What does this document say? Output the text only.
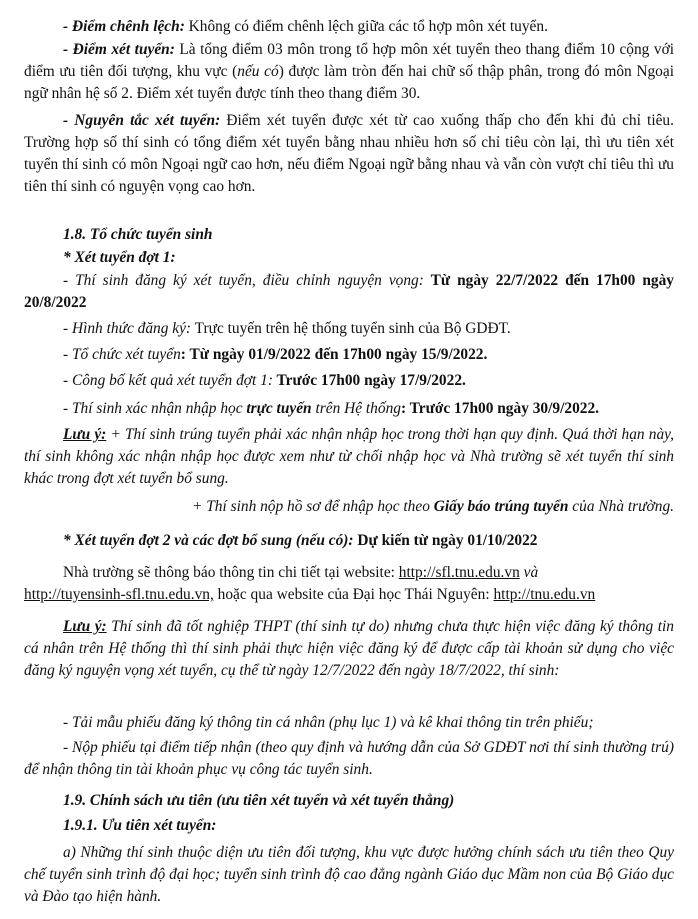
- Điểm chênh lệch: Không có điểm chênh lệch giữa các tổ hợp môn xét tuyển.

- Điểm xét tuyển: Là tổng điểm 03 môn trong tổ hợp môn xét tuyển theo thang điểm 10 cộng với điểm ưu tiên đối tượng, khu vực (nếu có) được làm tròn đến hai chữ số thập phân, trong đó môn Ngoại ngữ nhân hệ số 2. Điểm xét tuyển được tính theo thang điểm 30.

- Nguyên tắc xét tuyển: Điểm xét tuyển được xét từ cao xuống thấp cho đến khi đủ chỉ tiêu. Trường hợp số thí sinh có tổng điểm xét tuyển bằng nhau nhiều hơn số chỉ tiêu còn lại, thì ưu tiên xét tuyển thí sinh có môn Ngoại ngữ cao hơn, nếu điểm Ngoại ngữ bằng nhau và vẫn còn vượt chỉ tiêu thì ưu tiên thí sinh có nguyện vọng cao hơn.

1.8. Tổ chức tuyển sinh

* Xét tuyển đợt 1:

- Thí sinh đăng ký xét tuyển, điều chỉnh nguyện vọng: Từ ngày 22/7/2022 đến 17h00 ngày 20/8/2022

- Hình thức đăng ký: Trực tuyến trên hệ thống tuyển sinh của Bộ GDĐT.

- Tổ chức xét tuyển: Từ ngày 01/9/2022 đến 17h00 ngày 15/9/2022.

- Công bố kết quả xét tuyển đợt 1: Trước 17h00 ngày 17/9/2022.

- Thí sinh xác nhận nhập học trực tuyến trên Hệ thống: Trước 17h00 ngày 30/9/2022.

Lưu ý: + Thí sinh trúng tuyển phải xác nhận nhập học trong thời hạn quy định. Quá thời hạn này, thí sinh không xác nhận nhập học được xem như từ chối nhập học và Nhà trường sẽ xét tuyển thí sinh khác trong đợt xét tuyển bổ sung.

+ Thí sinh nộp hồ sơ để nhập học theo Giấy báo trúng tuyển của Nhà trường.

* Xét tuyển đợt 2 và các đợt bổ sung (nếu có): Dự kiến từ ngày 01/10/2022

Nhà trường sẽ thông báo thông tin chi tiết tại website: http://sfl.tnu.edu.vn và
http://tuyensinh-sfl.tnu.edu.vn, hoặc qua website của Đại học Thái Nguyên: http://tnu.edu.vn

Lưu ý: Thí sinh đã tốt nghiệp THPT (thí sinh tự do) nhưng chưa thực hiện việc đăng ký thông tin cá nhân trên Hệ thống thì thí sinh phải thực hiện việc đăng ký để được cấp tài khoản sử dụng cho việc đăng ký nguyện vọng xét tuyển, cụ thể từ ngày 12/7/2022 đến ngày 18/7/2022, thí sinh:

- Tải mẫu phiếu đăng ký thông tin cá nhân (phụ lục 1) và kê khai thông tin trên phiếu;

- Nộp phiếu tại điểm tiếp nhận (theo quy định và hướng dẫn của Sở GDĐT nơi thí sinh thường trú) để nhận thông tin tài khoản phục vụ công tác tuyển sinh.

1.9. Chính sách ưu tiên (ưu tiên xét tuyển và xét tuyển thẳng)

1.9.1. Ưu tiên xét tuyển:

a) Những thí sinh thuộc diện ưu tiên đối tượng, khu vực được hưởng chính sách ưu tiên theo Quy chế tuyển sinh trình độ đại học; tuyển sinh trình độ cao đẳng ngành Giáo dục Mầm non của Bộ Giáo dục và Đào tạo hiện hành.
